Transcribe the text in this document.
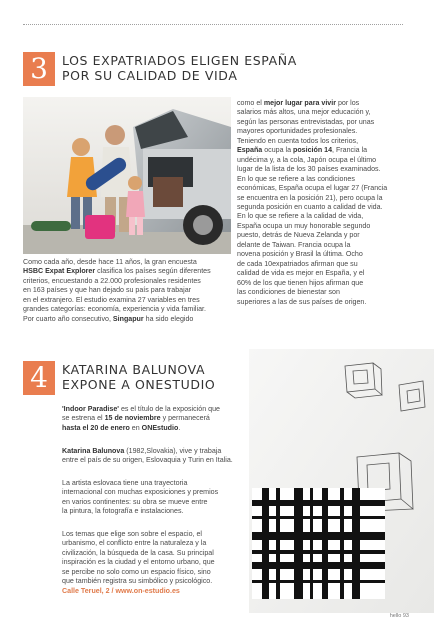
3	LOS EXPATRIADOS ELIGEN ESPAÑA
POR SU CALIDAD DE VIDA
Como cada año, desde hace 11 años, la gran encuesta
HSBC Expat Explorer clasifica los países según diferentes
criterios, encuestando a 22.000 profesionales residentes
en 163 países y que han dejado su país para trabajar
en el extranjero. El estudio examina 27 variables en tres
grandes categorías: economía, experiencia y vida familiar.
Por cuarto año consecutivo, Singapur ha sido elegido
como el mejor lugar para vivir por los
salarios más altos, una mejor educación y,
según las personas entrevistadas, por unas
mayores oportunidades profesionales.
Teniendo en cuenta todos los criterios,
España ocupa la posición 14, Francia la
undécima y, a la cola, Japón ocupa el último
lugar de la lista de los 30 países examinados.
En lo que se refiere a las condiciones
económicas, España ocupa el lugar 27 (Francia
se encuentra en la posición 21), pero ocupa la
segunda posición en cuanto a calidad de vida.
En lo que se refiere a la calidad de vida,
España ocupa un muy honorable segundo
puesto, detrás de Nueva Zelanda y por
delante de Taiwan. Francia ocupa la
novena posición y Brasil la última. Ocho
de cada 10expatriados afirman que su
calidad de vida es mejor en España, y el
60% de los que tienen hijos afirman que
las condiciones de bienestar son
superiores a las de sus países de origen.
4	KATARINA BALUNOVA
EXPONE A ONESTUDIO
'Indoor Paradise' es el título de la exposición que
se estrena el 15 de noviembre y permanecerá
hasta el 20 de enero en ONEstudio.
Katarina Balunova (1982,Slovakia), vive y trabaja
entre el país de su origen, Eslovaquia y Turin en Italia.
La artista eslovaca tiene una trayectoria
internacional con muchas exposiciones y premios
en varios continentes: su obra se mueve entre
la pintura, la fotografía e instalaciones.
Los temas que elige son sobre el espacio, el
urbanismo, el conflicto entre la naturaleza y la
civilización, la búsqueda de la casa. Su principal
inspiración es la ciudad y el entorno urbano, que
se percibe no solo como un espacio físico, sino
que también registra su simbólico y psicológico.
Calle Teruel, 2 / www.on-estudio.es
hello 93
